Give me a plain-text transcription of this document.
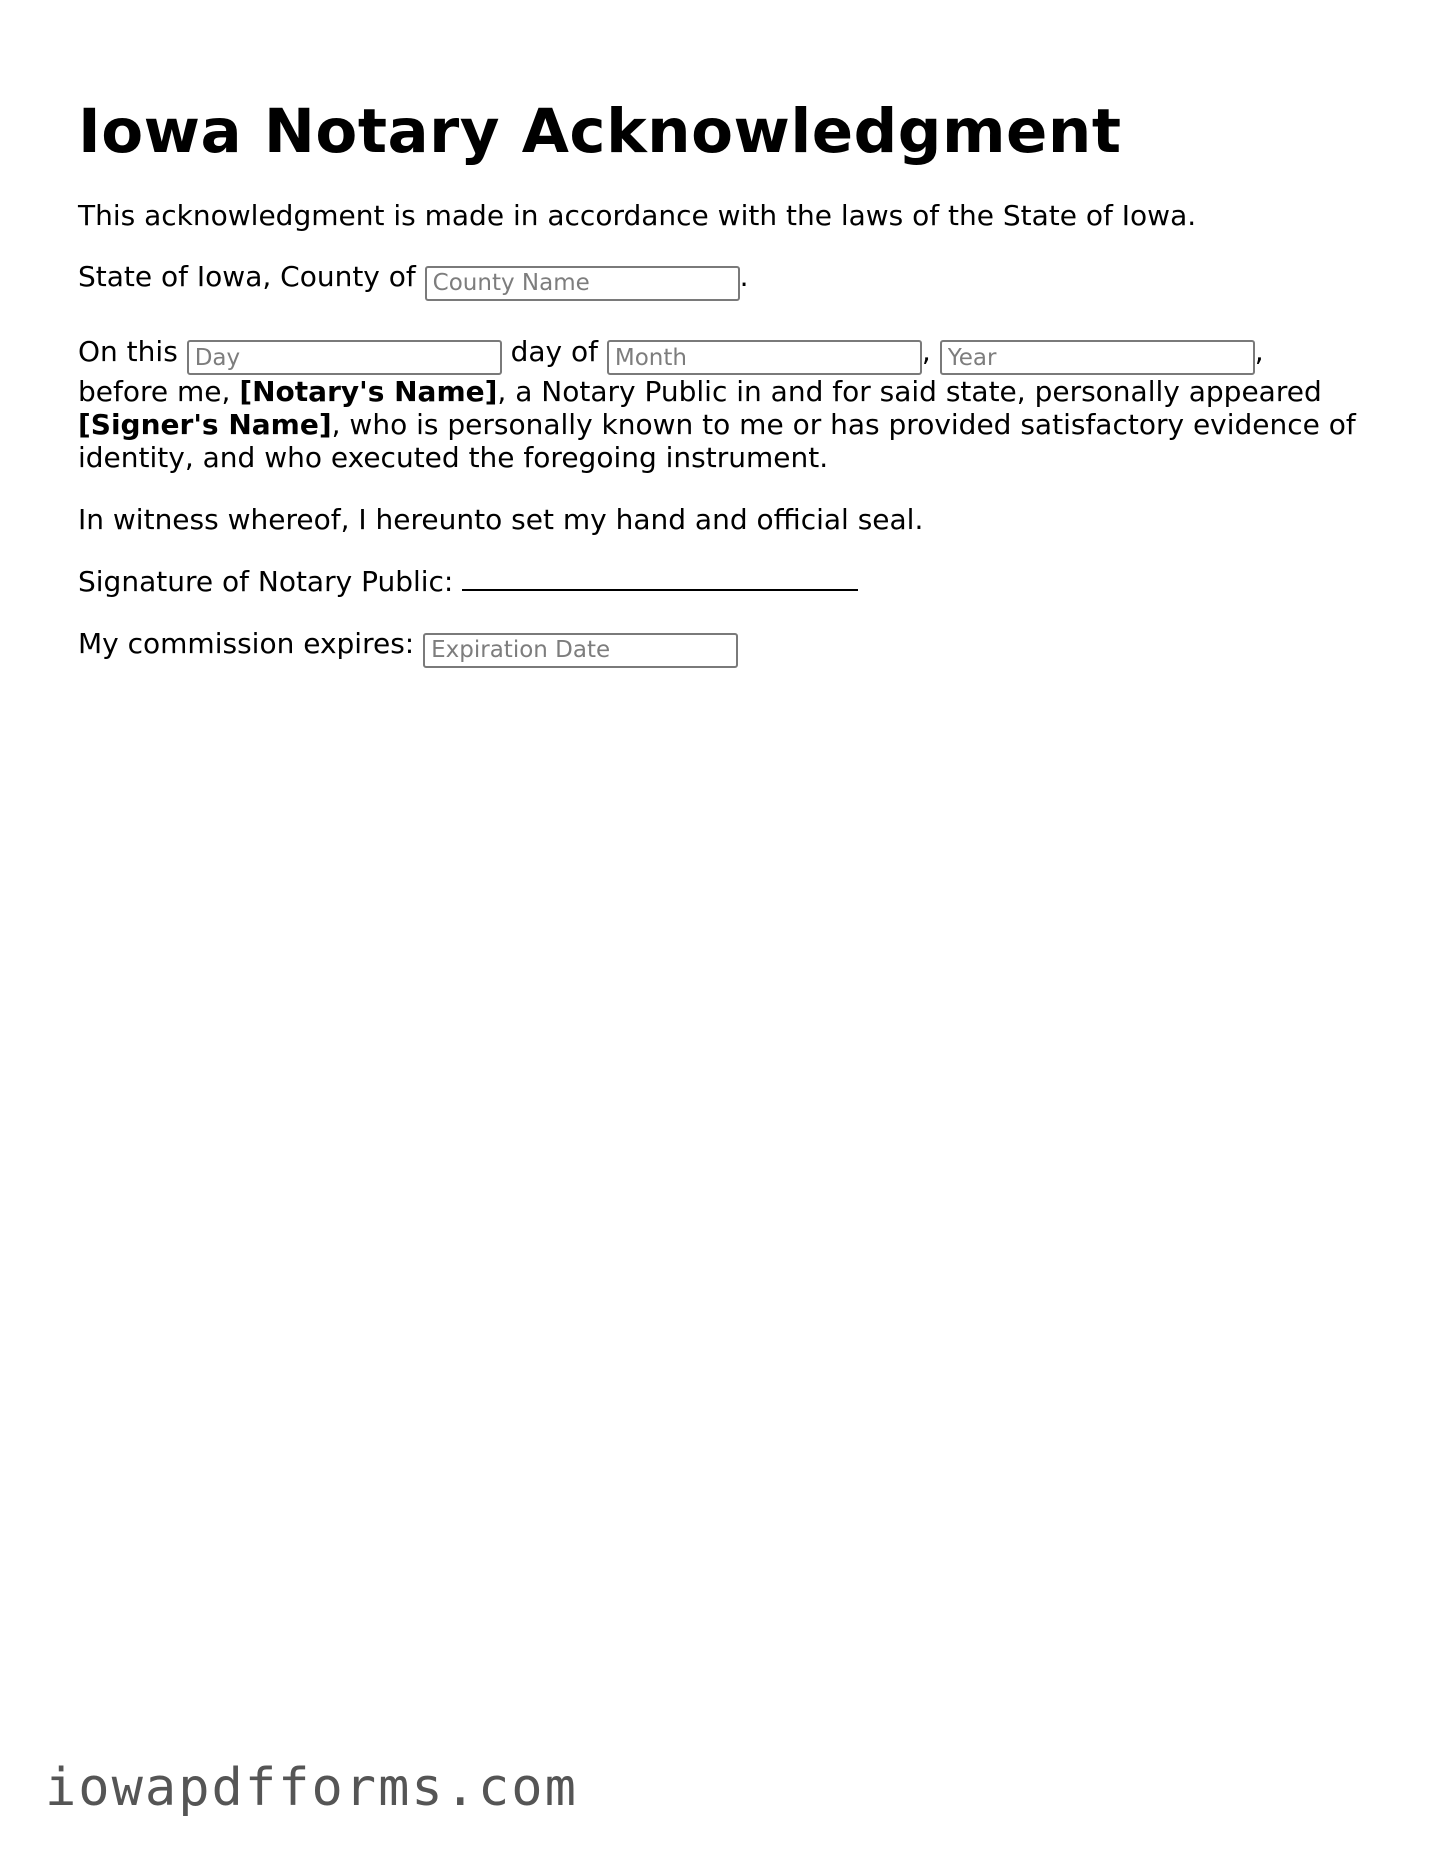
Iowa Notary Acknowledgment

This acknowledgment is made in accordance with the laws of the State of Iowa.

State of Iowa, County of County Name	.

On this Day	day of Month	, Year	, before me, [Notary's Name], a Notary Public in and for said state, personally appeared [Signer's Name], who is personally known to me or has provided satisfactory evidence of identity, and who executed the foregoing instrument.

In witness whereof, I hereunto set my hand and official seal.

Signature of Notary Public:

My commission expires: Expiration Date

iowapdfforms.com
